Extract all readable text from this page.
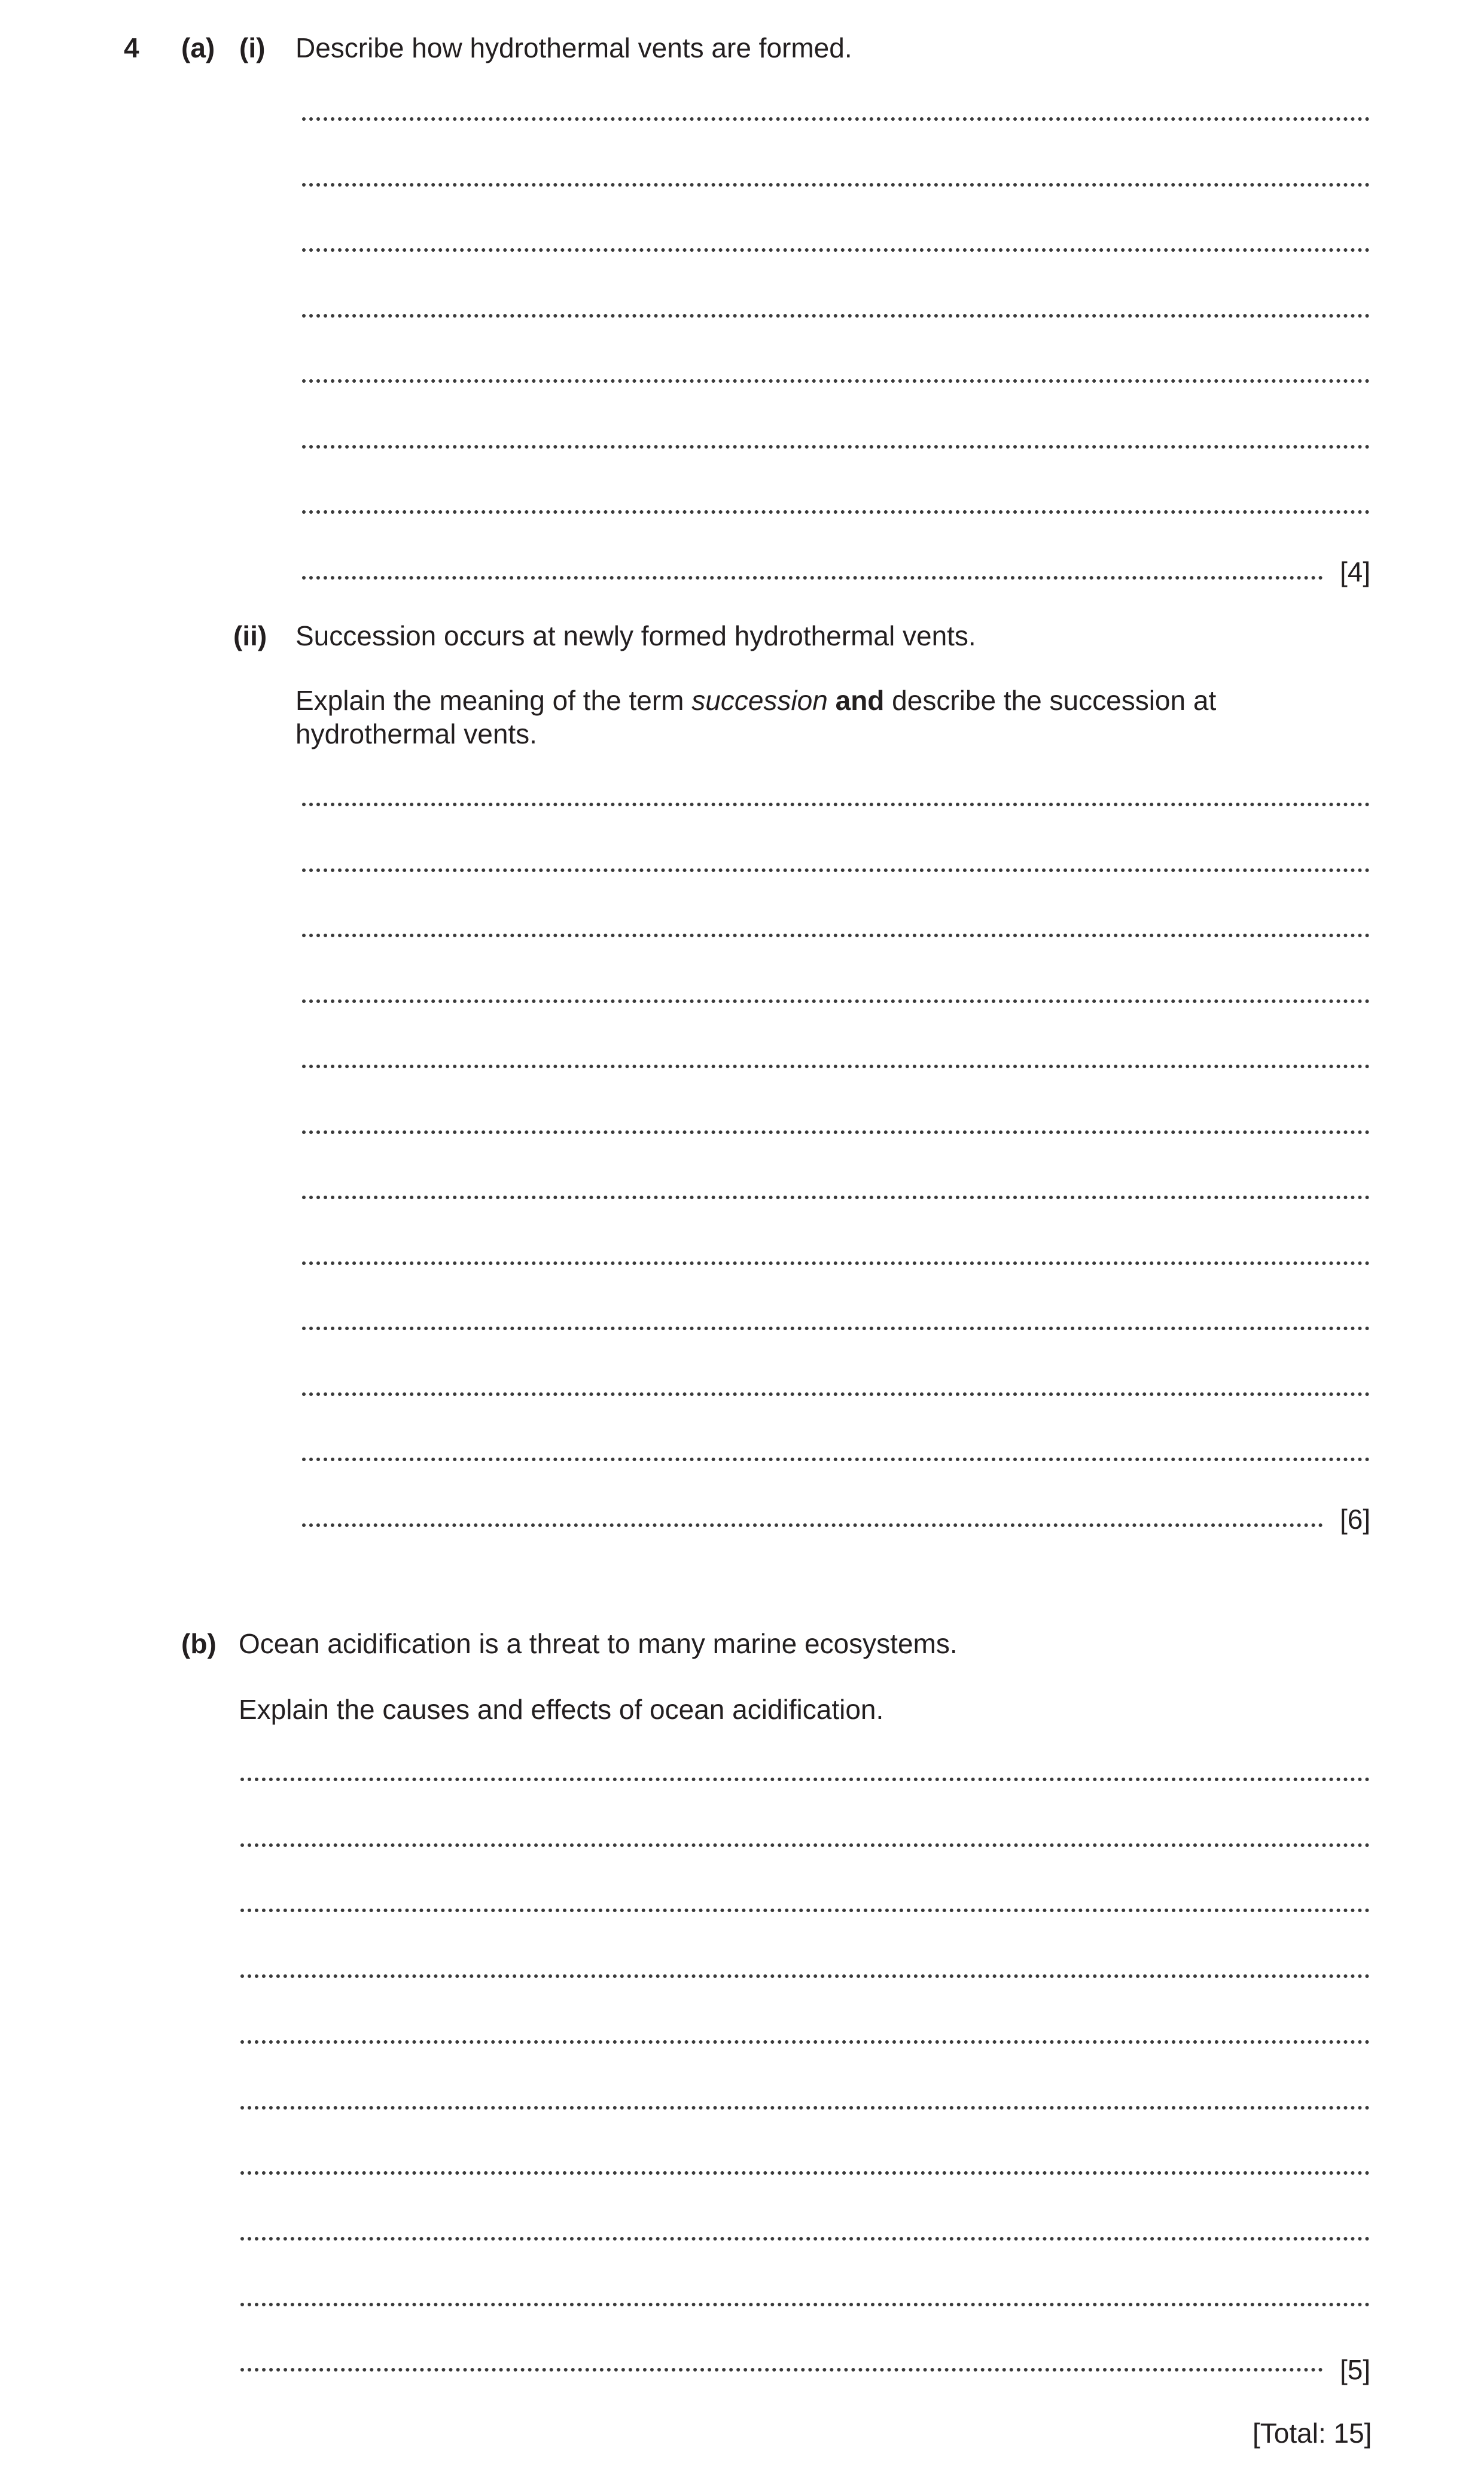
4 (a) (i) Describe how hydrothermal vents are formed.
[4]
(ii) Succession occurs at newly formed hydrothermal vents.
Explain the meaning of the term succession and describe the succession at hydrothermal vents.
[6]
(b) Ocean acidification is a threat to many marine ecosystems.
Explain the causes and effects of ocean acidification.
[5]
[Total: 15]
